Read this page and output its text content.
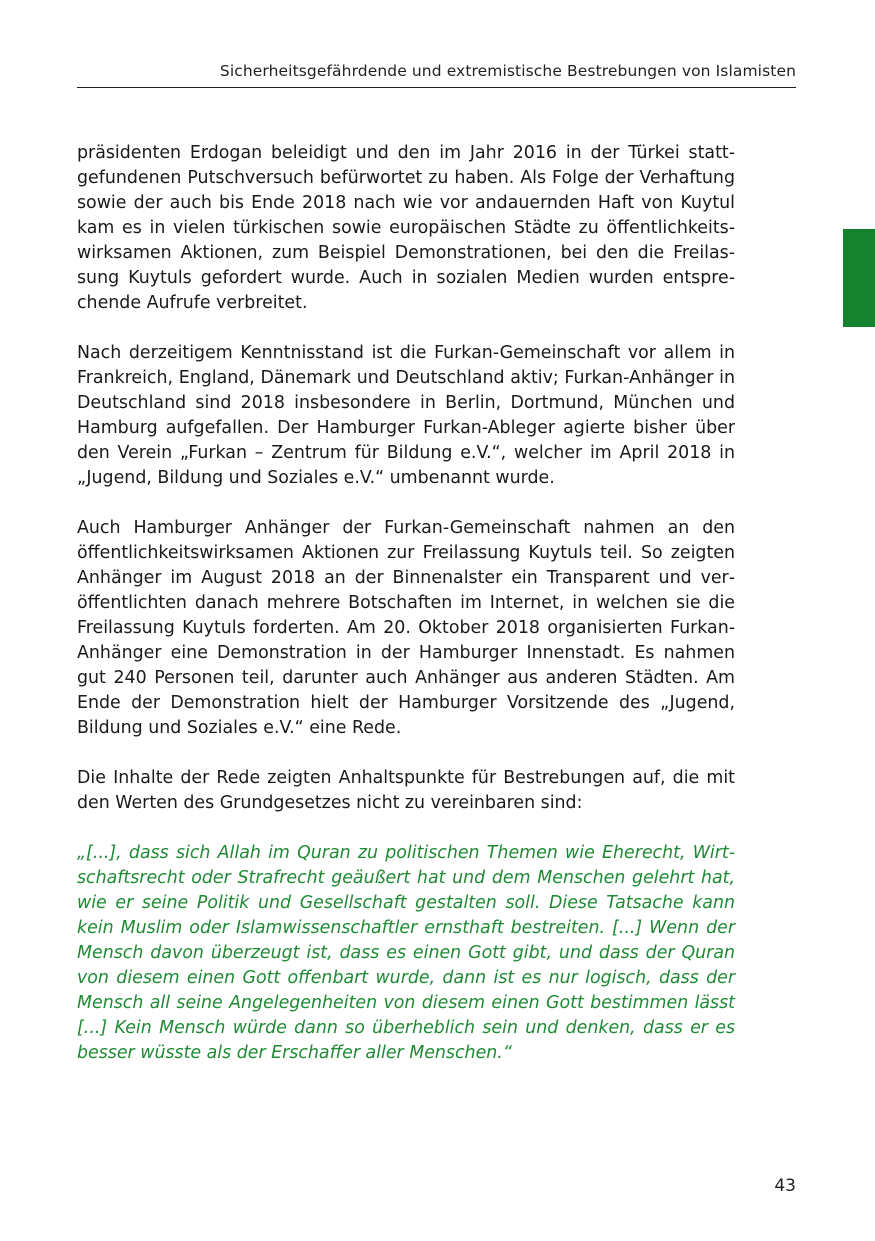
Sicherheitsgefährdende und extremistische Bestrebungen von Islamisten

präsidenten Erdogan beleidigt und den im Jahr 2016 in der Türkei stattgefundenen Putschversuch befürwortet zu haben. Als Folge der Verhaftung sowie der auch bis Ende 2018 nach wie vor andauernden Haft von Kuytul kam es in vielen türkischen sowie europäischen Städte zu öffentlichkeitswirksamen Aktionen, zum Beispiel Demonstrationen, bei den die Freilassung Kuytuls gefordert wurde. Auch in sozialen Medien wurden entsprechende Aufrufe verbreitet.

Nach derzeitigem Kenntnisstand ist die Furkan-Gemeinschaft vor allem in Frankreich, England, Dänemark und Deutschland aktiv; Furkan-Anhänger in Deutschland sind 2018 insbesondere in Berlin, Dortmund, München und Hamburg aufgefallen. Der Hamburger Furkan-Ableger agierte bisher über den Verein „Furkan – Zentrum für Bildung e.V.“, welcher im April 2018 in „Jugend, Bildung und Soziales e.V.“ umbenannt wurde.

Auch Hamburger Anhänger der Furkan-Gemeinschaft nahmen an den öffentlichkeitswirksamen Aktionen zur Freilassung Kuytuls teil. So zeigten Anhänger im August 2018 an der Binnenalster ein Transparent und veröffentlichten danach mehrere Botschaften im Internet, in welchen sie die Freilassung Kuytuls forderten. Am 20. Oktober 2018 organisierten Furkan-Anhänger eine Demonstration in der Hamburger Innenstadt. Es nahmen gut 240 Personen teil, darunter auch Anhänger aus anderen Städten. Am Ende der Demonstration hielt der Hamburger Vorsitzende des „Jugend, Bildung und Soziales e.V.“ eine Rede.

Die Inhalte der Rede zeigten Anhaltspunkte für Bestrebungen auf, die mit den Werten des Grundgesetzes nicht zu vereinbaren sind:

„[...], dass sich Allah im Quran zu politischen Themen wie Eherecht, Wirtschaftsrecht oder Strafrecht geäußert hat und dem Menschen gelehrt hat, wie er seine Politik und Gesellschaft gestalten soll. Diese Tatsache kann kein Muslim oder Islamwissenschaftler ernsthaft bestreiten. [...] Wenn der Mensch davon überzeugt ist, dass es einen Gott gibt, und dass der Quran von diesem einen Gott offenbart wurde, dann ist es nur logisch, dass der Mensch all seine Angelegenheiten von diesem einen Gott bestimmen lässt [...] Kein Mensch würde dann so überheblich sein und denken, dass er es besser wüsste als der Erschaffer aller Menschen.“

43
